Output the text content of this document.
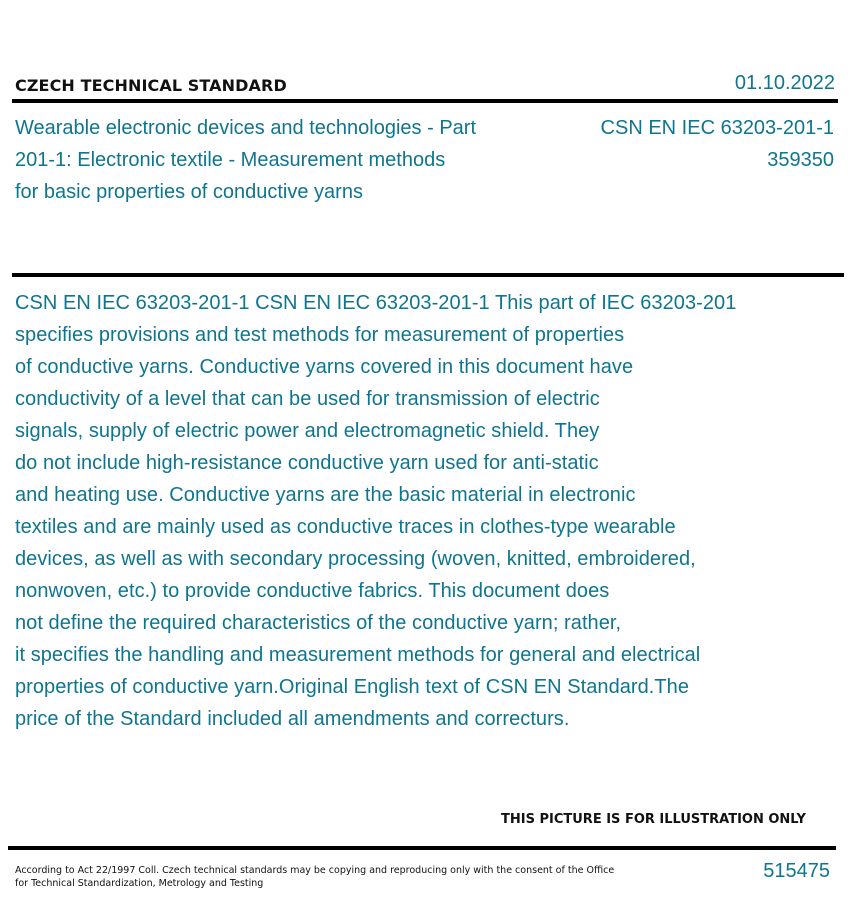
CZECH TECHNICAL STANDARD	01.10.2022
Wearable electronic devices and technologies - Part
201-1: Electronic textile - Measurement methods
for basic properties of conductive yarns
CSN EN IEC 63203-201-1
359350
CSN EN IEC 63203-201-1 CSN EN IEC 63203-201-1 This part of IEC 63203-201
specifies provisions and test methods for measurement of properties
of conductive yarns. Conductive yarns covered in this document have
conductivity of a level that can be used for transmission of electric
signals, supply of electric power and electromagnetic shield. They
do not include high-resistance conductive yarn used for anti-static
and heating use. Conductive yarns are the basic material in electronic
textiles and are mainly used as conductive traces in clothes-type wearable
devices, as well as with secondary processing (woven, knitted, embroidered,
nonwoven, etc.) to provide conductive fabrics. This document does
not define the required characteristics of the conductive yarn; rather,
it specifies the handling and measurement methods for general and electrical
properties of conductive yarn.Original English text of CSN EN Standard.The
price of the Standard included all amendments and correcturs.
THIS PICTURE IS FOR ILLUSTRATION ONLY
According to Act 22/1997 Coll. Czech technical standards may be copying and reproducing only with the consent of the Office
for Technical Standardization, Metrology and Testing
515475
